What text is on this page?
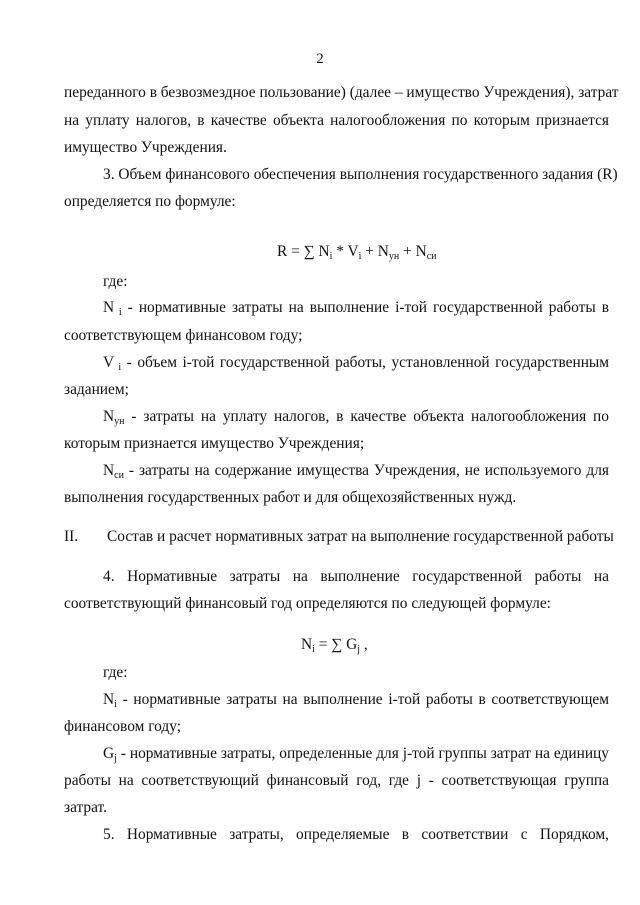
2
переданного в безвозмездное пользование) (далее – имущество Учреждения), затрат
на уплату налогов, в качестве объекта налогообложения по которым признается
имущество Учреждения.
3. Объем финансового обеспечения выполнения государственного задания (R)
определяется по формуле:
R = ∑ $N_i * V_i + N_{ун} + N_{си}$
где:
N $_i$ - нормативные затраты на выполнение i-той государственной работы в
соответствующем финансовом году;
V $_i$ - объем i-той государственной работы, установленной государственным
заданием;
$N_{ун}$ - затраты на уплату налогов, в качестве объекта налогообложения по
которым признается имущество Учреждения;
$N_{си}$ - затраты на содержание имущества Учреждения, не используемого для
выполнения государственных работ и для общехозяйственных нужд.
II. Состав и расчет нормативных затрат на выполнение государственной работы
4. Нормативные затраты на выполнение государственной работы на
соответствующий финансовый год определяются по следующей формуле:
$N_i$ = ∑ $G_j$ ,
где:
$N_i$ - нормативные затраты на выполнение i-той работы в соответствующем
финансовом году;
$G_j$ - нормативные затраты, определенные для j-той группы затрат на единицу
работы на соответствующий финансовый год, где j - соответствующая группа
затрат.
5. Нормативные затраты, определяемые в соответствии с Порядком,
